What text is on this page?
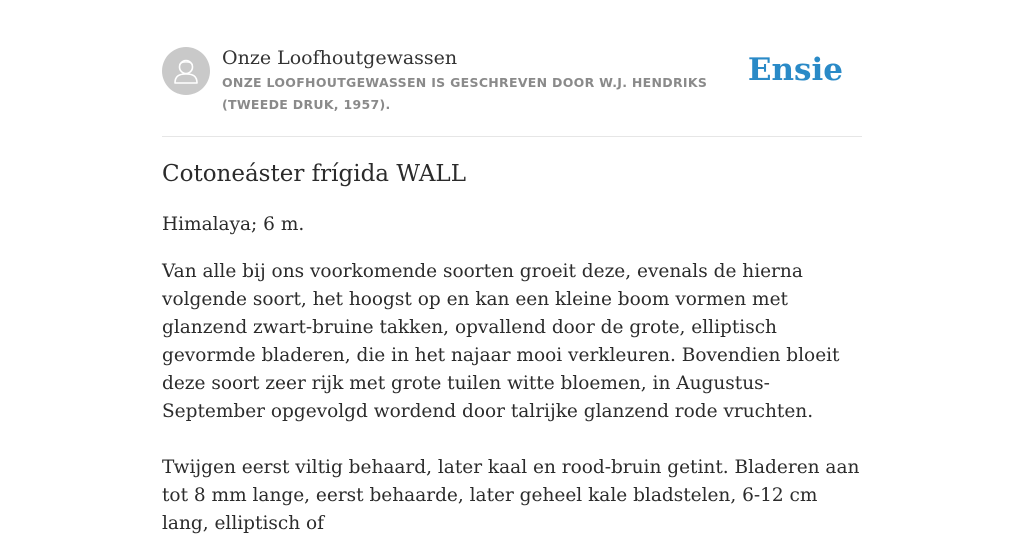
Onze Loofhoutgewassen
ONZE LOOFHOUTGEWASSEN IS GESCHREVEN DOOR W.J. HENDRIKS (TWEEDE DRUK, 1957).
Ensie
Cotoneáster frígida WALL

Himalaya; 6 m.

Van alle bij ons voorkomende soorten groeit deze, evenals de hierna volgende soort, het hoogst op en kan een kleine boom vormen met glanzend zwart-bruine takken, opvallend door de grote, elliptisch gevormde bladeren, die in het najaar mooi verkleuren. Bovendien bloeit deze soort zeer rijk met grote tuilen witte bloemen, in Augustus-September opgevolgd wordend door talrijke glanzend rode vruchten.

Twijgen eerst viltig behaard, later kaal en rood-bruin getint. Bladeren aan tot 8 mm lange, eerst behaarde, later geheel kale bladstelen, 6-12 cm lang, elliptisch of
